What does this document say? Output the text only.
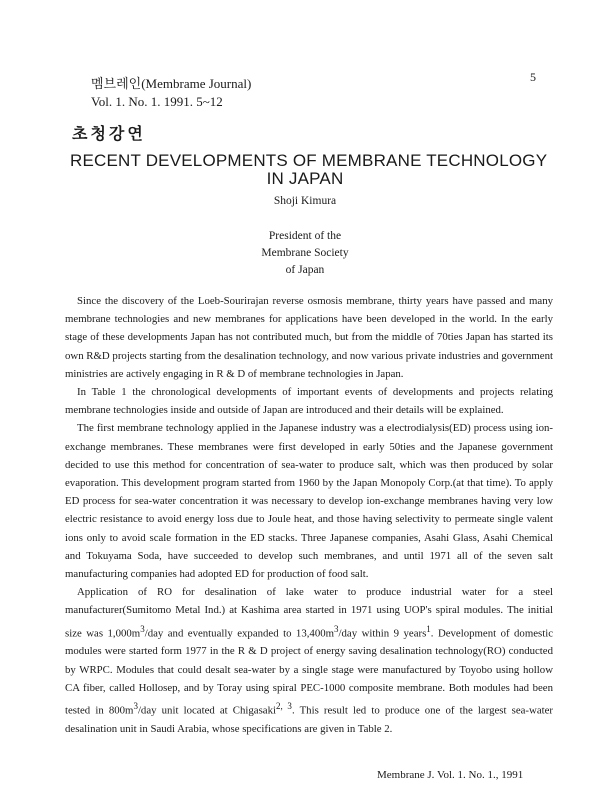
멤브레인(Membrame Journal)
Vol. 1. No. 1. 1991. 5~12
5
초청강연
RECENT DEVELOPMENTS OF MEMBRANE TECHNOLOGY
IN JAPAN
Shoji Kimura
President of the
Membrane Society
of Japan

Since the discovery of the Loeb-Sourirajan reverse osmosis membrane, thirty years have passed and many membrane technologies and new membranes for applications have been developed in the world. In the early stage of these developments Japan has not contributed much, but from the middle of 70ties Japan has started its own R&D projects starting from the desalination technology, and now various private industries and government ministries are actively engaging in R & D of membrane technologies in Japan.

In Table 1 the chronological developments of important events of developments and projects relating membrane technologies inside and outside of Japan are introduced and their details will be explained.

The first membrane technology applied in the Japanese industry was a electrodialysis(ED) process using ion-exchange membranes. These membranes were first developed in early 50ties and the Japanese government decided to use this method for concentration of sea-water to produce salt, which was then produced by solar evaporation. This development program started from 1960 by the Japan Monopoly Corp.(at that time). To apply ED process for sea-water concentration it was necessary to develop ion-exchange membranes having very low electric resistance to avoid energy loss due to Joule heat, and those having selectivity to permeate single valent ions only to avoid scale formation in the ED stacks. Three Japanese companies, Asahi Glass, Asahi Chemical and Tokuyama Soda, have succeeded to develop such membranes, and until 1971 all of the seven salt manufacturing companies had adopted ED for production of food salt.

Application of RO for desalination of lake water to produce industrial water for a steel manufacturer(Sumitomo Metal Ind.) at Kashima area started in 1971 using UOP's spiral modules. The initial size was $1,000m^3$/day and eventually expanded to $13,400m^3$/day within 9 years$^1$. Development of domestic modules were started form 1977 in the R & D project of energy saving desalination technology(RO) conducted by WRPC. Modules that could desalt sea-water by a single stage were manufactured by Toyobo using hollow CA fiber, called Hollosep, and by Toray using spiral PEC-1000 composite membrane. Both modules had been tested in $800m^3$/day unit located at Chigasaki$^{2, 3}$. This result led to produce one of the largest sea-water desalination unit in Saudi Arabia, whose specifications are given in Table 2.

Membrane J. Vol. 1. No. 1., 1991
